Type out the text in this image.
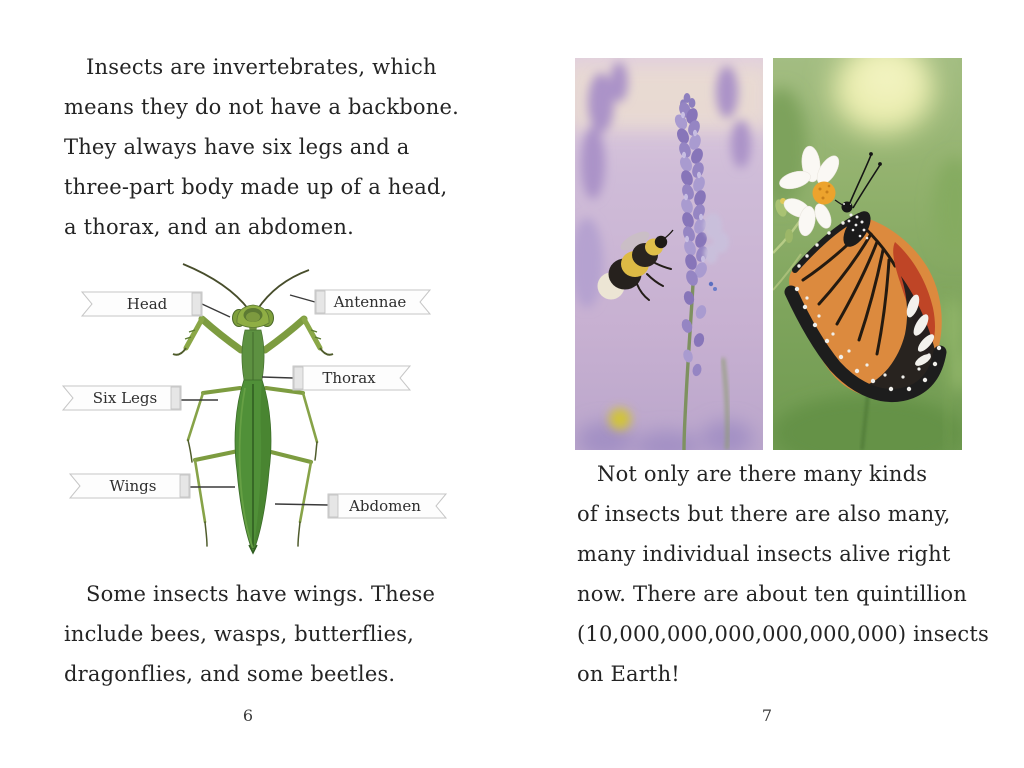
Insects are invertebrates, which
means they do not have a backbone.
They always have six legs and a
three-part body made up of a head,
a thorax, and an abdomen.
Head	Antennae
Thorax
Six Legs
Wings
Abdomen
Some insects have wings. These
include bees, wasps, butterflies,
dragonflies, and some beetles.
6
Not only are there many kinds
of insects but there are also many,
many individual insects alive right
now. There are about ten quintillion
(10,000,000,000,000,000,000) insects
on Earth!
7
